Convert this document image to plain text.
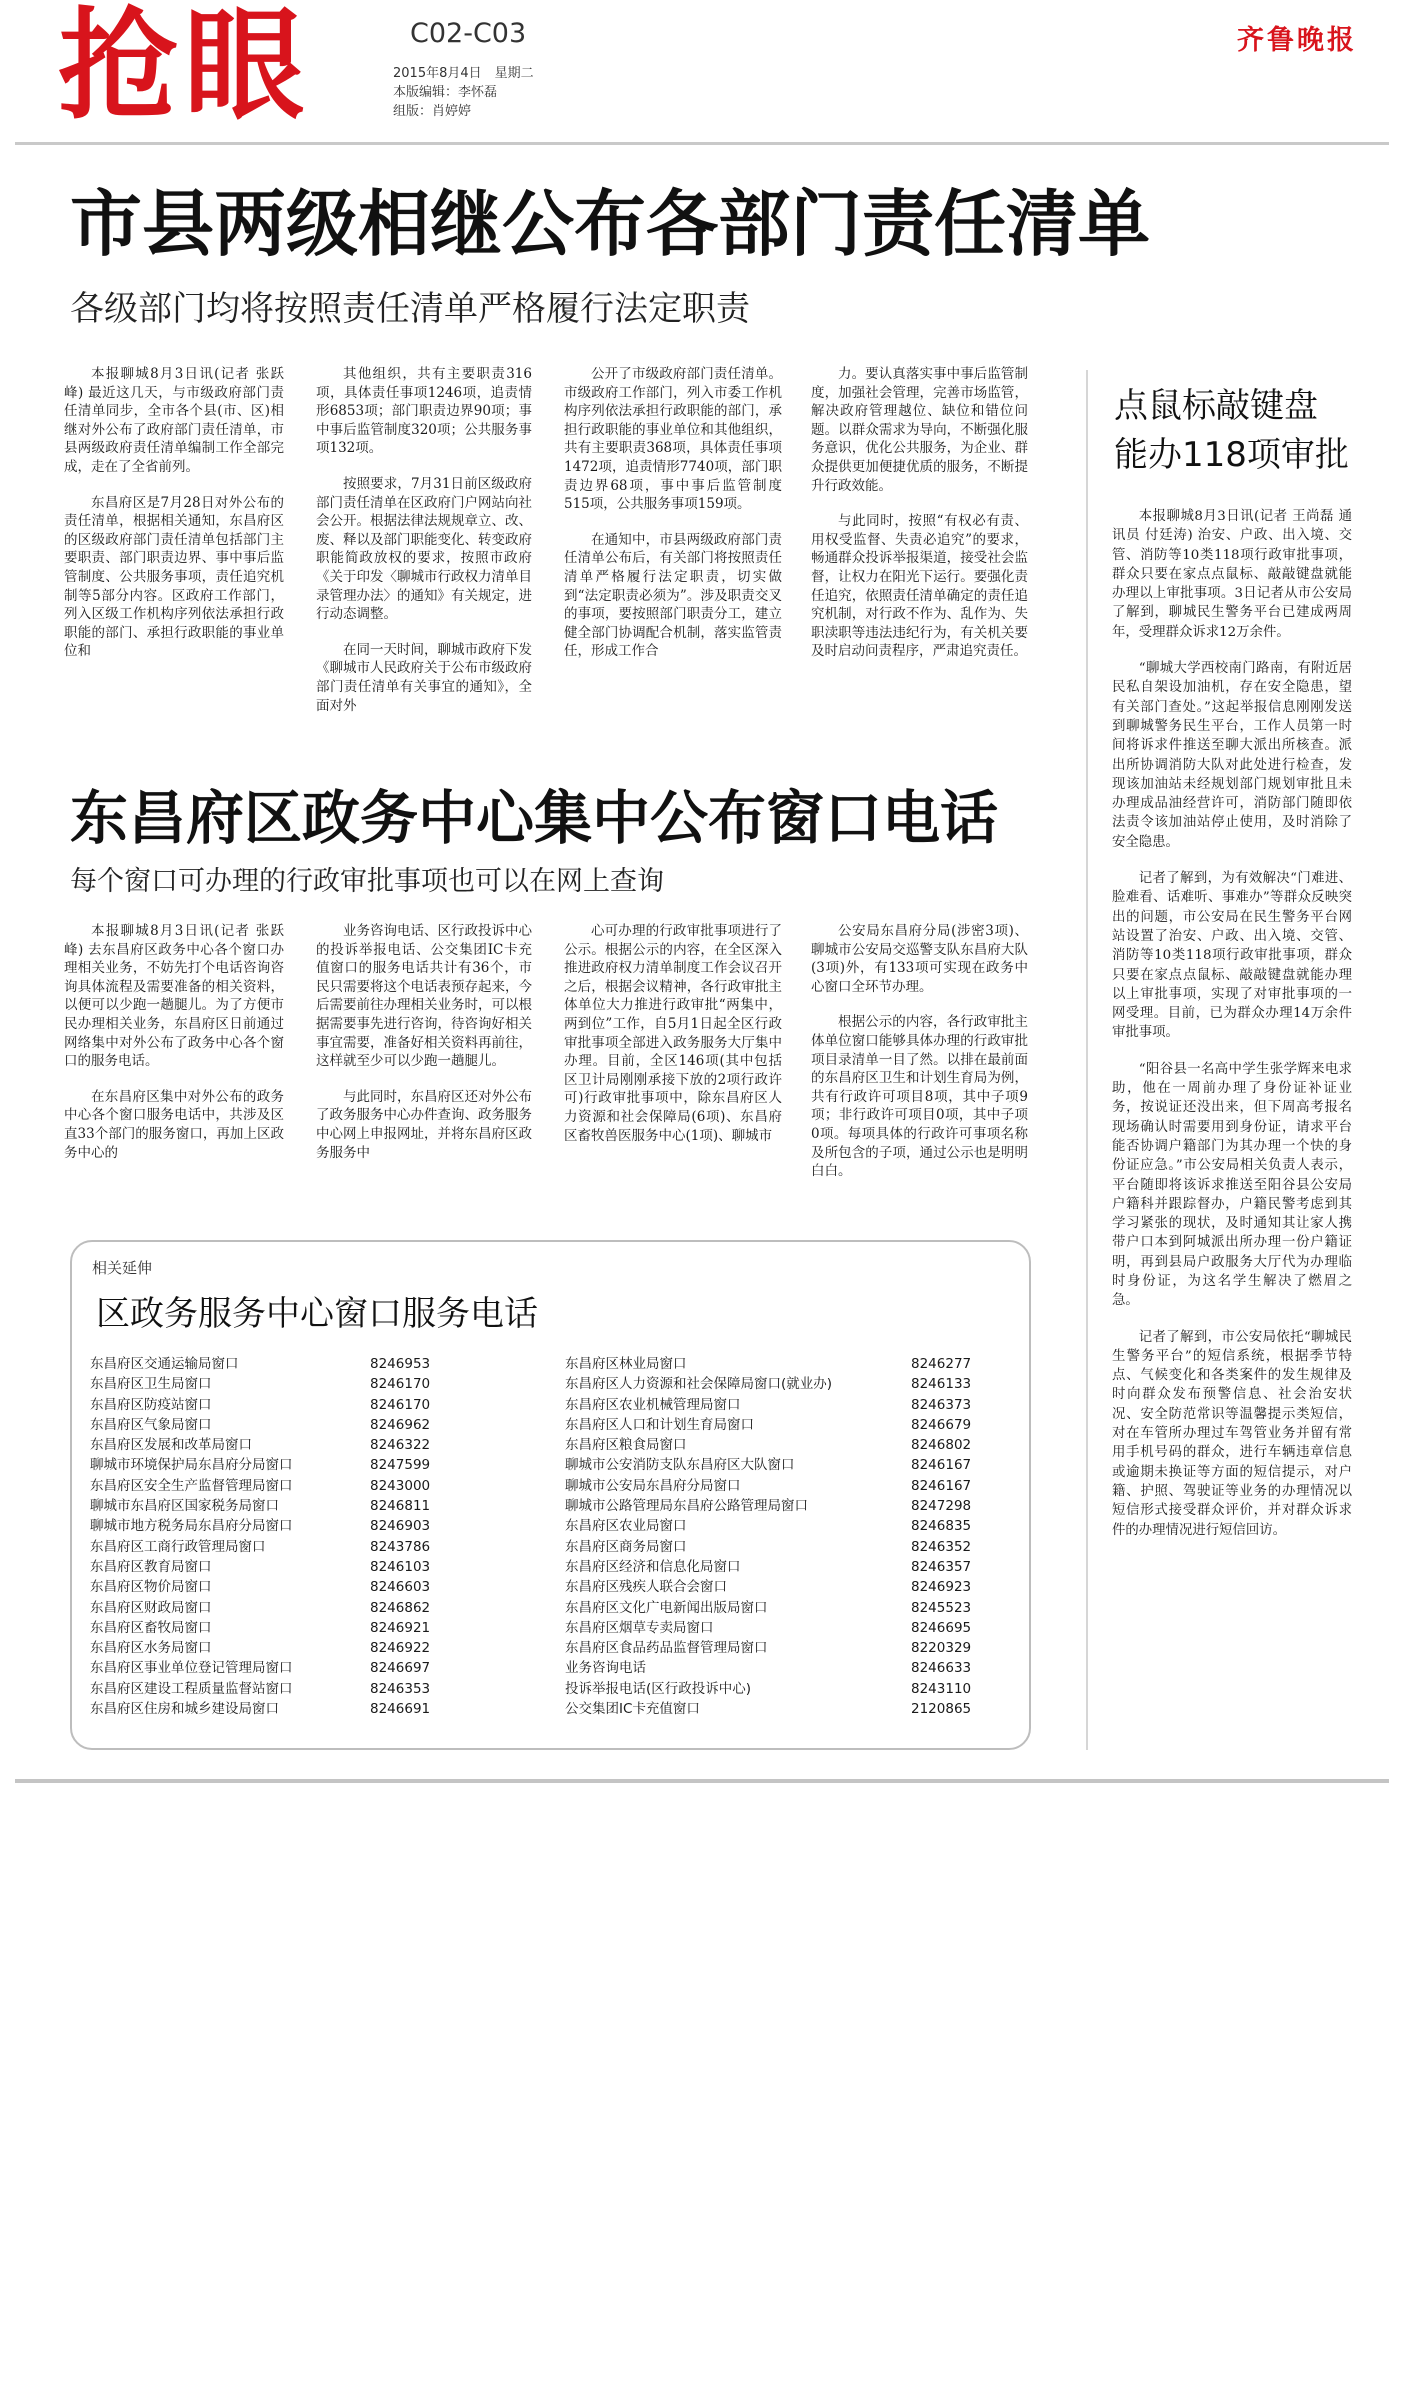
抢眼	C02-C03
2015年8月4日　星期二
本版编辑：李怀磊
组版：肖婷婷
齐鲁晚报
市县两级相继公布各部门责任清单
各级部门均将按照责任清单严格履行法定职责

本报聊城8月3日讯(记者 张跃峰) 最近这几天，与市级政府部门责任清单同步，全市各个县(市、区)相继对外公布了政府部门责任清单，市县两级政府责任清单编制工作全部完成，走在了全省前列。

东昌府区是7月28日对外公布的责任清单，根据相关通知，东昌府区的区级政府部门责任清单包括部门主要职责、部门职责边界、事中事后监管制度、公共服务事项，责任追究机制等5部分内容。区政府工作部门，列入区级工作机构序列依法承担行政职能的部门、承担行政职能的事业单位和

其他组织，共有主要职责316项，具体责任事项1246项，追责情形6853项；部门职责边界90项；事中事后监管制度320项；公共服务事项132项。

按照要求，7月31日前区级政府部门责任清单在区政府门户网站向社会公开。根据法律法规规章立、改、废、释以及部门职能变化、转变政府职能简政放权的要求，按照市政府《关于印发〈聊城市行政权力清单目录管理办法〉的通知》有关规定，进行动态调整。

在同一天时间，聊城市政府下发《聊城市人民政府关于公布市级政府部门责任清单有关事宜的通知》，全面对外

公开了市级政府部门责任清单。市级政府工作部门，列入市委工作机构序列依法承担行政职能的部门，承担行政职能的事业单位和其他组织，共有主要职责368项，具体责任事项1472项，追责情形7740项，部门职责边界68项，事中事后监管制度515项，公共服务事项159项。

在通知中，市县两级政府部门责任清单公布后，有关部门将按照责任清单严格履行法定职责，切实做到“法定职责必须为”。涉及职责交叉的事项，要按照部门职责分工，建立健全部门协调配合机制，落实监管责任，形成工作合

力。要认真落实事中事后监管制度，加强社会管理，完善市场监管，解决政府管理越位、缺位和错位问题。以群众需求为导向，不断强化服务意识，优化公共服务，为企业、群众提供更加便捷优质的服务，不断提升行政效能。

与此同时，按照“有权必有责、用权受监督、失责必追究”的要求，畅通群众投诉举报渠道，接受社会监督，让权力在阳光下运行。要强化责任追究，依照责任清单确定的责任追究机制，对行政不作为、乱作为、失职渎职等违法违纪行为，有关机关要及时启动问责程序，严肃追究责任。

点鼠标敲键盘
能办118项审批

本报聊城8月3日讯(记者 王尚磊 通讯员 付廷涛) 治安、户政、出入境、交管、消防等10类118项行政审批事项，群众只要在家点点鼠标、敲敲键盘就能办理以上审批事项。3日记者从市公安局了解到，聊城民生警务平台已建成两周年，受理群众诉求12万余件。

“聊城大学西校南门路南，有附近居民私自架设加油机，存在安全隐患，望有关部门查处。”这起举报信息刚刚发送到聊城警务民生平台，工作人员第一时间将诉求件推送至聊大派出所核查。派出所协调消防大队对此处进行检查，发现该加油站未经规划部门规划审批且未办理成品油经营许可，消防部门随即依法责令该加油站停止使用，及时消除了安全隐患。

记者了解到，为有效解决“门难进、脸难看、话难听、事难办”等群众反映突出的问题，市公安局在民生警务平台网站设置了治安、户政、出入境、交管、消防等10类118项行政审批事项，群众只要在家点点鼠标、敲敲键盘就能办理以上审批事项，实现了对审批事项的一网受理。目前，已为群众办理14万余件审批事项。

“阳谷县一名高中学生张学辉来电求助，他在一周前办理了身份证补证业务，按说证还没出来，但下周高考报名现场确认时需要用到身份证，请求平台能否协调户籍部门为其办理一个快的身份证应急。”市公安局相关负责人表示，平台随即将该诉求推送至阳谷县公安局户籍科并跟踪督办，户籍民警考虑到其学习紧张的现状，及时通知其让家人携带户口本到阿城派出所办理一份户籍证明，再到县局户政服务大厅代为办理临时身份证，为这名学生解决了燃眉之急。

记者了解到，市公安局依托“聊城民生警务平台”的短信系统，根据季节特点、气候变化和各类案件的发生规律及时向群众发布预警信息、社会治安状况、安全防范常识等温馨提示类短信，对在车管所办理过车驾管业务并留有常用手机号码的群众，进行车辆违章信息或逾期未换证等方面的短信提示，对户籍、护照、驾驶证等业务的办理情况以短信形式接受群众评价，并对群众诉求件的办理情况进行短信回访。

东昌府区政务中心集中公布窗口电话
每个窗口可办理的行政审批事项也可以在网上查询

本报聊城8月3日讯(记者 张跃峰) 去东昌府区政务中心各个窗口办理相关业务，不妨先打个电话咨询咨询具体流程及需要准备的相关资料，以便可以少跑一趟腿儿。为了方便市民办理相关业务，东昌府区日前通过网络集中对外公布了政务中心各个窗口的服务电话。

在东昌府区集中对外公布的政务中心各个窗口服务电话中，共涉及区直33个部门的服务窗口，再加上区政务中心的

业务咨询电话、区行政投诉中心的投诉举报电话、公交集团IC卡充值窗口的服务电话共计有36个，市民只需要将这个电话表预存起来，今后需要前往办理相关业务时，可以根据需要事先进行咨询，待咨询好相关事宜需要，准备好相关资料再前往，这样就至少可以少跑一趟腿儿。

与此同时，东昌府区还对外公布了政务服务中心办件查询、政务服务中心网上申报网址，并将东昌府区政务服务中

心可办理的行政审批事项进行了公示。根据公示的内容，在全区深入推进政府权力清单制度工作会议召开之后，根据会议精神，各行政审批主体单位大力推进行政审批“两集中，两到位”工作，自5月1日起全区行政审批事项全部进入政务服务大厅集中办理。目前，全区146项(其中包括区卫计局刚刚承接下放的2项行政许可)行政审批事项中，除东昌府区人力资源和社会保障局(6项)、东昌府区畜牧兽医服务中心(1项)、聊城市

公安局东昌府分局(涉密3项)、聊城市公安局交巡警支队东昌府大队(3项)外，有133项可实现在政务中心窗口全环节办理。

根据公示的内容，各行政审批主体单位窗口能够具体办理的行政审批项目录清单一目了然。以排在最前面的东昌府区卫生和计划生育局为例，共有行政许可项目8项，其中子项9项；非行政许可项目0项，其中子项0项。每项具体的行政许可事项名称及所包含的子项，通过公示也是明明白白。

相关延伸
区政务服务中心窗口服务电话
东昌府区交通运输局窗口	8246953
东昌府区卫生局窗口	8246170
东昌府区防疫站窗口	8246170
东昌府区气象局窗口	8246962
东昌府区发展和改革局窗口	8246322
聊城市环境保护局东昌府分局窗口	8247599
东昌府区安全生产监督管理局窗口	8243000
聊城市东昌府区国家税务局窗口	8246811
聊城市地方税务局东昌府分局窗口	8246903
东昌府区工商行政管理局窗口	8243786
东昌府区教育局窗口	8246103
东昌府区物价局窗口	8246603
东昌府区财政局窗口	8246862
东昌府区畜牧局窗口	8246921
东昌府区水务局窗口	8246922
东昌府区事业单位登记管理局窗口	8246697
东昌府区建设工程质量监督站窗口	8246353
东昌府区住房和城乡建设局窗口	8246691
东昌府区林业局窗口	8246277
东昌府区人力资源和社会保障局窗口(就业办)	8246133
东昌府区农业机械管理局窗口	8246373
东昌府区人口和计划生育局窗口	8246679
东昌府区粮食局窗口	8246802
聊城市公安消防支队东昌府区大队窗口	8246167
聊城市公安局东昌府分局窗口	8246167
聊城市公路管理局东昌府公路管理局窗口	8247298
东昌府区农业局窗口	8246835
东昌府区商务局窗口	8246352
东昌府区经济和信息化局窗口	8246357
东昌府区残疾人联合会窗口	8246923
东昌府区文化广电新闻出版局窗口	8245523
东昌府区烟草专卖局窗口	8246695
东昌府区食品药品监督管理局窗口	8220329
业务咨询电话	8246633
投诉举报电话(区行政投诉中心)	8243110
公交集团IC卡充值窗口	2120865
